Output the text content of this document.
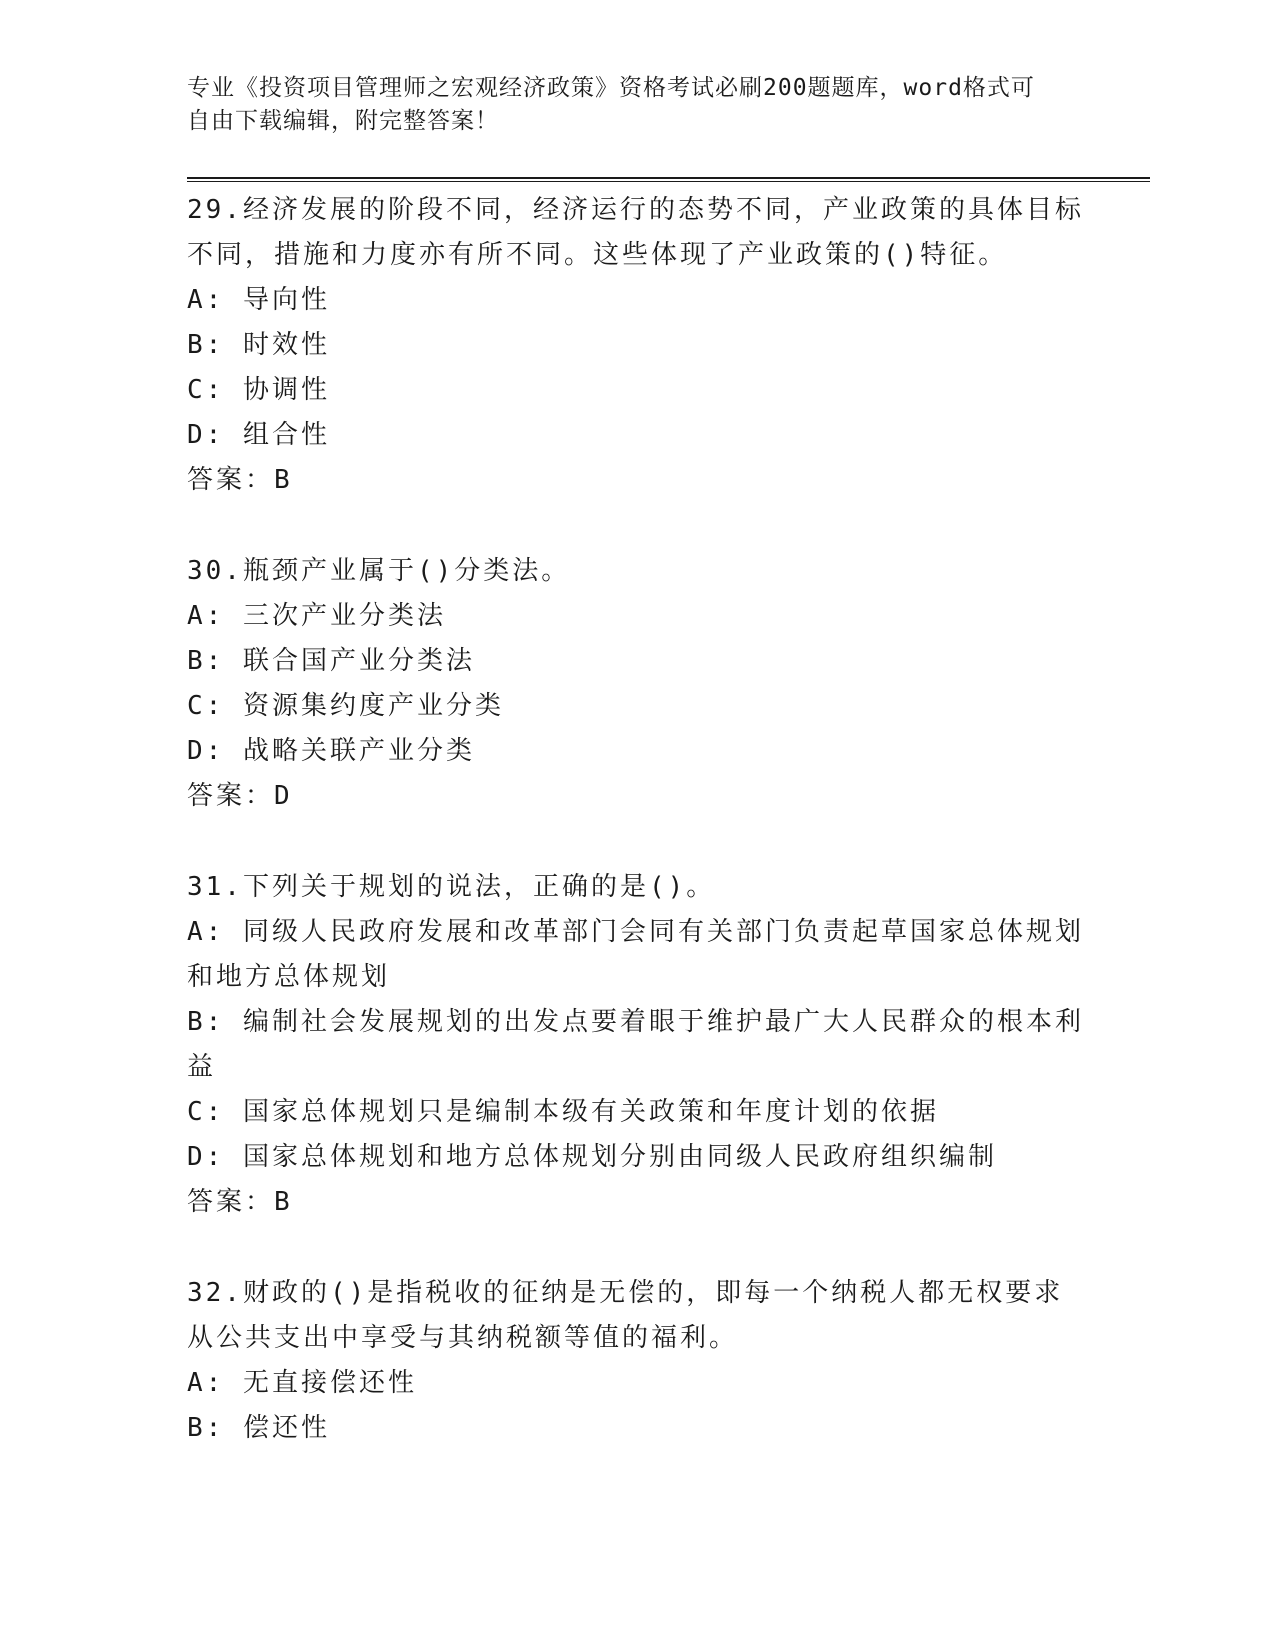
专业《投资项目管理师之宏观经济政策》资格考试必刷200题题库，word格式可
自由下载编辑，附完整答案！
29.经济发展的阶段不同，经济运行的态势不同，产业政策的具体目标不同，措施和力度亦有所不同。这些体现了产业政策的()特征。
A: 导向性
B: 时效性
C: 协调性
D: 组合性
答案：B
30.瓶颈产业属于()分类法。
A: 三次产业分类法
B: 联合国产业分类法
C: 资源集约度产业分类
D: 战略关联产业分类
答案：D
31.下列关于规划的说法，正确的是()。
A: 同级人民政府发展和改革部门会同有关部门负责起草国家总体规划和地方总体规划
B: 编制社会发展规划的出发点要着眼于维护最广大人民群众的根本利益
C: 国家总体规划只是编制本级有关政策和年度计划的依据
D: 国家总体规划和地方总体规划分别由同级人民政府组织编制
答案：B
32.财政的()是指税收的征纳是无偿的，即每一个纳税人都无权要求从公共支出中享受与其纳税额等值的福利。
A: 无直接偿还性
B: 偿还性
